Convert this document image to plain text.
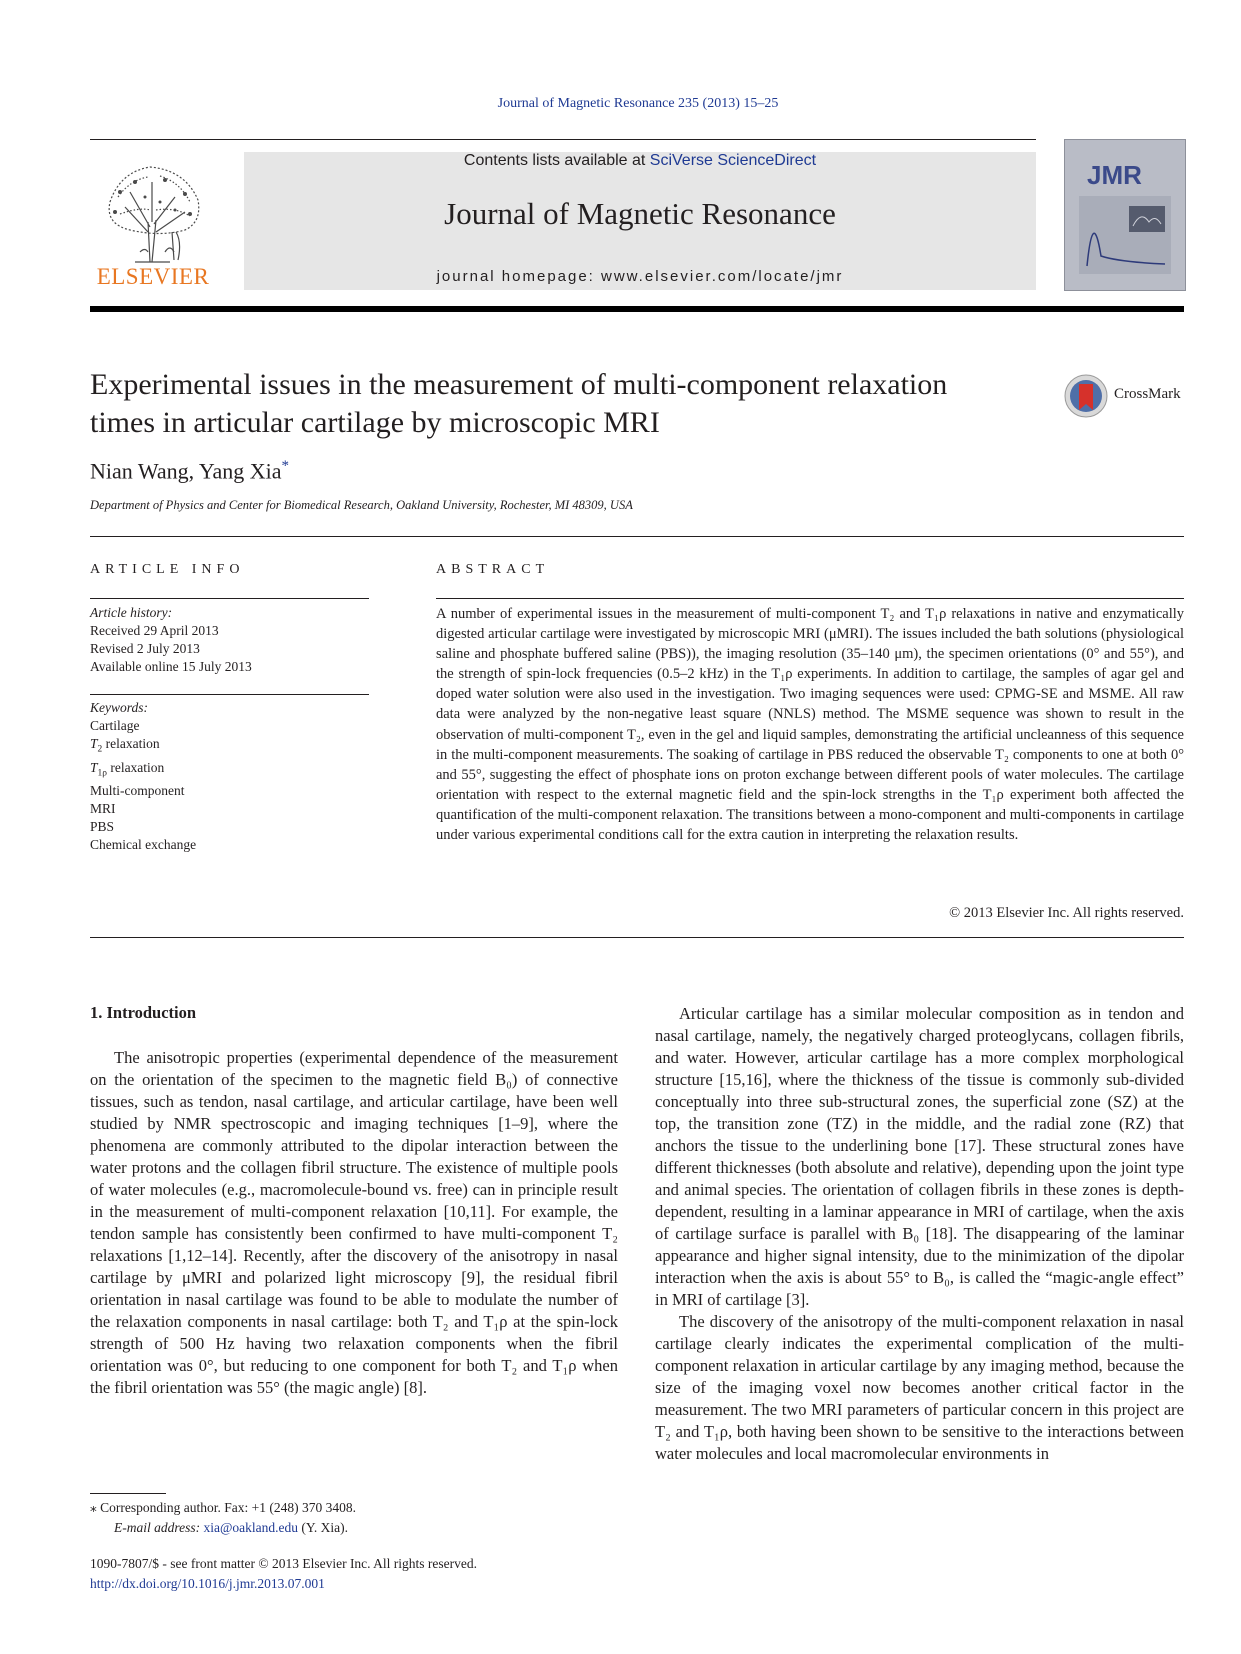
Journal of Magnetic Resonance 235 (2013) 15–25
ELSEVIER
Contents lists available at SciVerse ScienceDirect
Journal of Magnetic Resonance
journal homepage: www.elsevier.com/locate/jmr
JMR
Experimental issues in the measurement of multi-component relaxation
times in articular cartilage by microscopic MRI
CrossMark
Nian Wang, Yang Xia*
Department of Physics and Center for Biomedical Research, Oakland University, Rochester, MI 48309, USA
ARTICLE INFO
Article history:
Received 29 April 2013
Revised 2 July 2013
Available online 15 July 2013
Keywords:
Cartilage
$T_2$ relaxation
$T_{1\rho}$ relaxation
Multi-component
MRI
PBS
Chemical exchange
ABSTRACT
A number of experimental issues in the measurement of multi-component T₂ and T₁ρ relaxations in native and enzymatically digested articular cartilage were investigated by microscopic MRI (μMRI). The issues included the bath solutions (physiological saline and phosphate buffered saline (PBS)), the imaging resolution (35–140 μm), the specimen orientations (0° and 55°), and the strength of spin-lock frequencies (0.5–2 kHz) in the T₁ρ experiments. In addition to cartilage, the samples of agar gel and doped water solution were also used in the investigation. Two imaging sequences were used: CPMG-SE and MSME. All raw data were analyzed by the non-negative least square (NNLS) method. The MSME sequence was shown to result in the observation of multi-component T₂, even in the gel and liquid samples, demonstrating the artificial uncleanness of this sequence in the multi-component measurements. The soaking of cartilage in PBS reduced the observable T₂ components to one at both 0° and 55°, suggesting the effect of phosphate ions on proton exchange between different pools of water molecules. The cartilage orientation with respect to the external magnetic field and the spin-lock strengths in the T₁ρ experiment both affected the quantification of the multi-component relaxation. The transitions between a mono-component and multi-components in cartilage under various experimental conditions call for the extra caution in interpreting the relaxation results.
© 2013 Elsevier Inc. All rights reserved.
1. Introduction

The anisotropic properties (experimental dependence of the measurement on the orientation of the specimen to the magnetic field B₀) of connective tissues, such as tendon, nasal cartilage, and articular cartilage, have been well studied by NMR spectroscopic and imaging techniques [1–9], where the phenomena are commonly attributed to the dipolar interaction between the water protons and the collagen fibril structure. The existence of multiple pools of water molecules (e.g., macromolecule-bound vs. free) can in principle result in the measurement of multi-component relaxation [10,11]. For example, the tendon sample has consistently been confirmed to have multi-component T₂ relaxations [1,12–14]. Recently, after the discovery of the anisotropy in nasal cartilage by μMRI and polarized light microscopy [9], the residual fibril orientation in nasal cartilage was found to be able to modulate the number of the relaxation components in nasal cartilage: both T₂ and T₁ρ at the spin-lock strength of 500 Hz having two relaxation components when the fibril orientation was 0°, but reducing to one component for both T₂ and T₁ρ when the fibril orientation was 55° (the magic angle) [8].

Articular cartilage has a similar molecular composition as in tendon and nasal cartilage, namely, the negatively charged proteoglycans, collagen fibrils, and water. However, articular cartilage has a more complex morphological structure [15,16], where the thickness of the tissue is commonly sub-divided conceptually into three sub-structural zones, the superficial zone (SZ) at the top, the transition zone (TZ) in the middle, and the radial zone (RZ) that anchors the tissue to the underlining bone [17]. These structural zones have different thicknesses (both absolute and relative), depending upon the joint type and animal species. The orientation of collagen fibrils in these zones is depth-dependent, resulting in a laminar appearance in MRI of cartilage, when the axis of cartilage surface is parallel with B₀ [18]. The disappearing of the laminar appearance and higher signal intensity, due to the minimization of the dipolar interaction when the axis is about 55° to B₀, is called the “magic-angle effect” in MRI of cartilage [3].

The discovery of the anisotropy of the multi-component relaxation in nasal cartilage clearly indicates the experimental complication of the multi-component relaxation in articular cartilage by any imaging method, because the size of the imaging voxel now becomes another critical factor in the measurement. The two MRI parameters of particular concern in this project are T₂ and T₁ρ, both having been shown to be sensitive to the interactions between water molecules and local macromolecular environments in

⁎ Corresponding author. Fax: +1 (248) 370 3408.
E-mail address: xia@oakland.edu (Y. Xia).
1090-7807/$ - see front matter © 2013 Elsevier Inc. All rights reserved.
http://dx.doi.org/10.1016/j.jmr.2013.07.001
